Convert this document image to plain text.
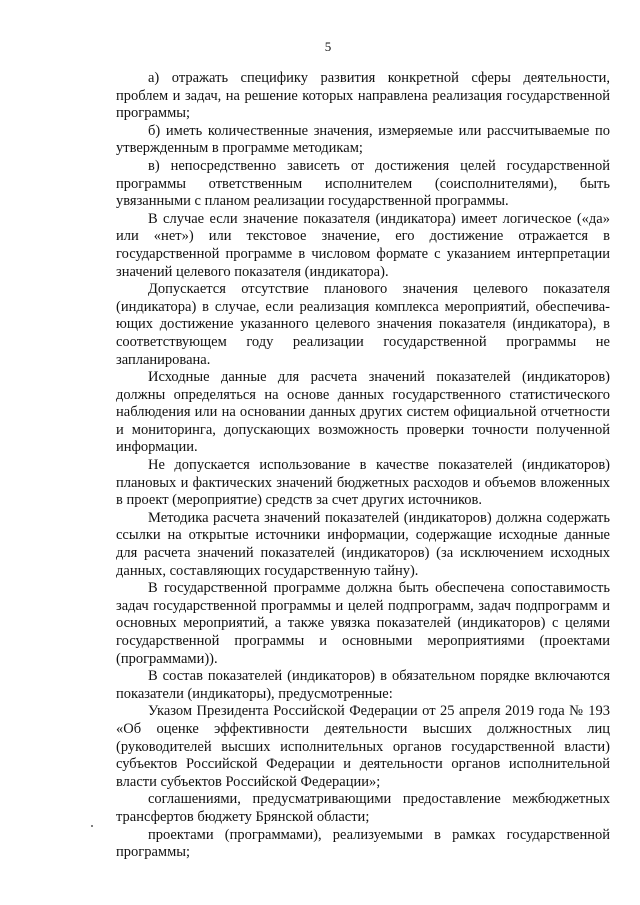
5

а) отражать специфику развития конкретной сферы деятельности, проблем и задач, на решение которых направлена реализация государственной программы;

б) иметь количественные значения, измеряемые или рассчитываемые по утвержденным в программе методикам;

в) непосредственно зависеть от достижения целей государственной программы ответственным исполнителем (соисполнителями), быть увязанными с планом реализации государственной программы.

В случае если значение показателя (индикатора) имеет логическое («да» или «нет») или текстовое значение, его достижение отражается в государственной программе в числовом формате с указанием интерпретации значений целевого показателя (индикатора).

Допускается отсутствие планового значения целевого показателя (индикатора) в случае, если реализация комплекса мероприятий, обеспечивающих достижение указанного целевого значения показателя (индикатора), в соответствующем году реализации государственной программы не запланирована.

Исходные данные для расчета значений показателей (индикаторов) должны определяться на основе данных государственного статистического наблюдения или на основании данных других систем официальной отчетности и мониторинга, допускающих возможность проверки точности полученной информации.

Не допускается использование в качестве показателей (индикаторов) плановых и фактических значений бюджетных расходов и объемов вложенных в проект (мероприятие) средств за счет других источников.

Методика расчета значений показателей (индикаторов) должна содержать ссылки на открытые источники информации, содержащие исходные данные для расчета значений показателей (индикаторов) (за исключением исходных данных, составляющих государственную тайну).

В государственной программе должна быть обеспечена сопоставимость задач государственной программы и целей подпрограмм, задач подпрограмм и основных мероприятий, а также увязка показателей (индикаторов) с целями государственной программы и основными мероприятиями (проектами (программами)).

В состав показателей (индикаторов) в обязательном порядке включаются показатели (индикаторы), предусмотренные:

Указом Президента Российской Федерации от 25 апреля 2019 года № 193 «Об оценке эффективности деятельности высших должностных лиц (руководителей высших исполнительных органов государственной власти) субъектов Российской Федерации и деятельности органов исполнительной власти субъектов Российской Федерации»;

соглашениями, предусматривающими предоставление межбюджетных трансфертов бюджету Брянской области;

проектами (программами), реализуемыми в рамках государственной программы;
